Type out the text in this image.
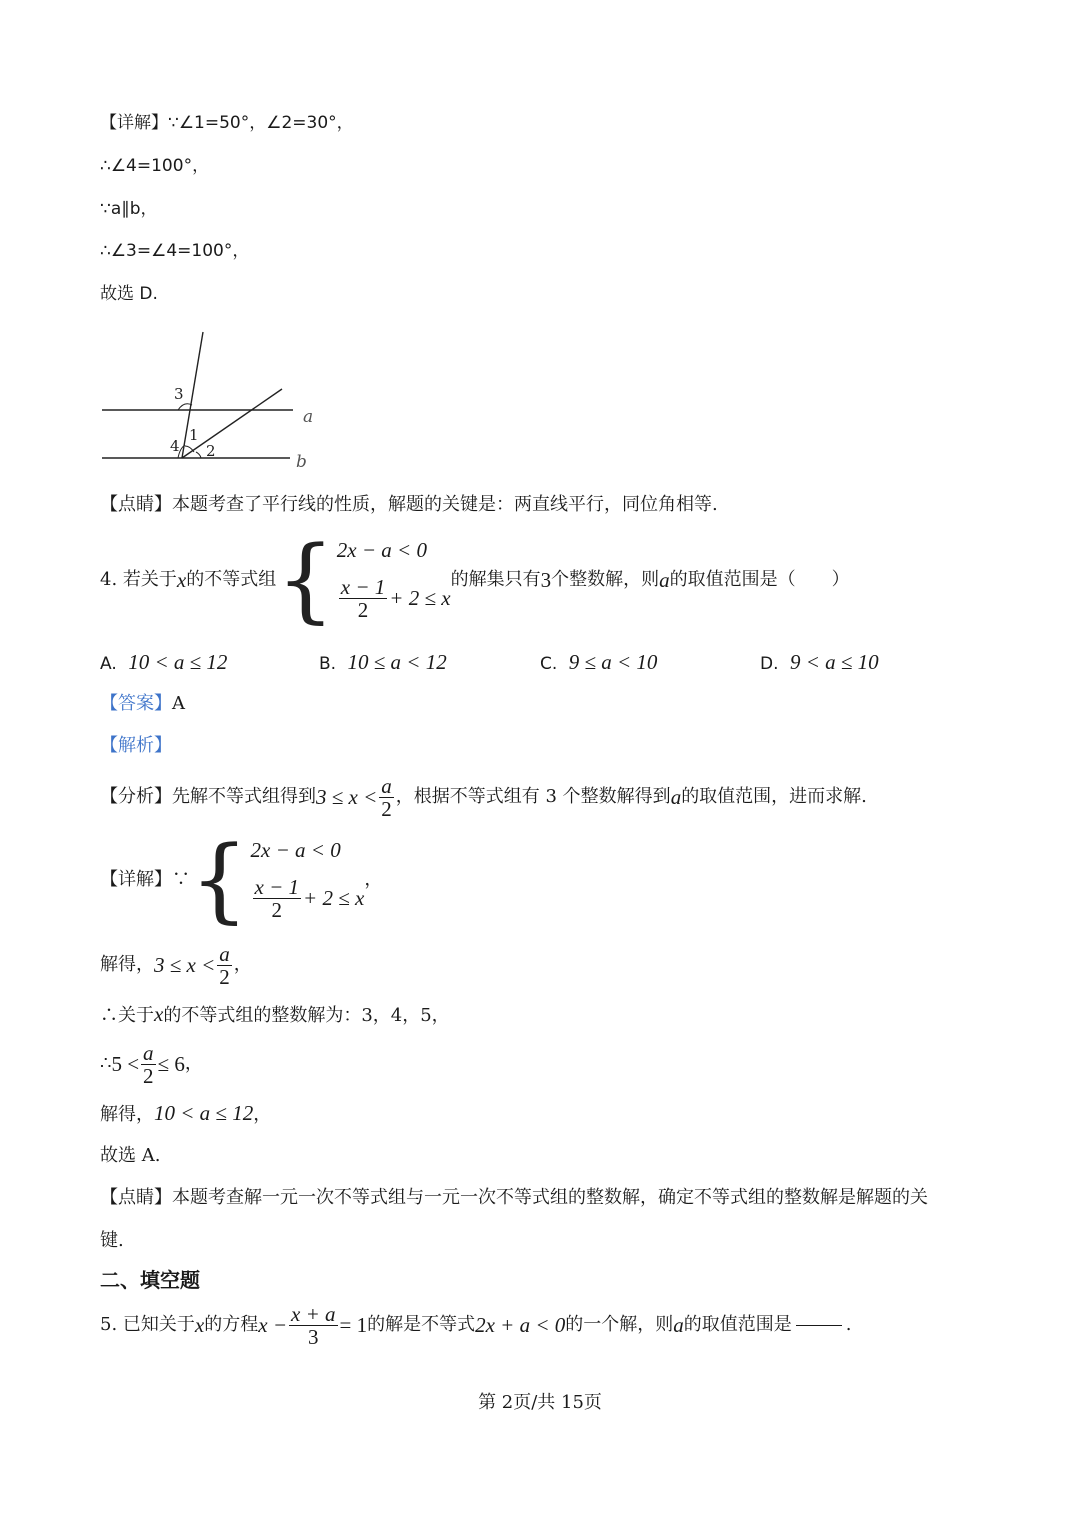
【详解】∵∠1=50°，∠2=30°，
∴∠4=100°，
∵a∥b，
∴∠3=∠4=100°，
故选 D.
3
4
1
2
a
b
【点睛】本题考查了平行线的性质，解题的关键是：两直线平行，同位角相等.
4.
若关于 x 的不等式组 { 2x − a < 0
$\frac{x - 1}{2} + 2 \le x$
的解集只有 3 个整数解，则 a 的取值范围是（　　）
A. 10 < a ≤ 12	B. 10 ≤ a < 12	C. 9 ≤ a < 10	D. 9 < a ≤ 10
【答案】A
【解析】
【分析】 先解不等式组得到 $3 \le x < \frac{a}{2}$ ，根据不等式组有 3 个整数解得到 a 的取值范围，进而求解.
【详解】∵ { 2x − a < 0
$\frac{x - 1}{2} + 2 \le x$
，
解得， $3 \le x < \frac{a}{2}$ ，
∴关于x的不等式组的整数解为：3，4，5，
∴ $5 < \frac{a}{2} \le 6$ ，
解得，10 < a ≤ 12，
故选 A.
【点睛】本题考查解一元一次不等式组与一元一次不等式组的整数解，确定不等式组的整数解是解题的关
键.
二、填空题
5.
已知关于 x 的方程 $x - \frac{x + a}{3} = 1$ 的解是不等式 2x + a < 0 的一个解，则 a 的取值范围是	.
第 2页/共 15页
